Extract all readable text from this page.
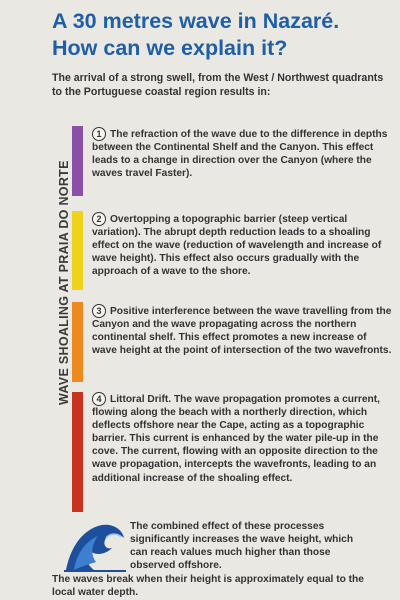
A 30 metres wave in Nazaré.
How can we explain it?
The arrival of a strong swell, from the West / Northwest quadrants to the Portuguese coastal region results in:
WAVE SHOALING AT PRAIA DO NORTE
1 The refraction of the wave due to the difference in depths between the Continental Shelf and the Canyon. This effect leads to a change in direction over the Canyon (where the waves travel Faster).
2 Overtopping a topographic barrier (steep vertical variation). The abrupt depth reduction leads to a shoaling effect on the wave (reduction of wavelength and increase of wave height). This effect also occurs gradually with the approach of a wave to the shore.
3 Positive interference between the wave travelling from the Canyon and the wave propagating across the northern continental shelf. This effect promotes a new increase of wave height at the point of intersection of the two wavefronts.
4 Littoral Drift. The wave propagation promotes a current, flowing along the beach with a northerly direction, which deflects offshore near the Cape, acting as a topographic barrier. This current is enhanced by the water pile-up in the cove. The current, flowing with an opposite direction to the wave propagation, intercepts the wavefronts, leading to an additional increase of the shoaling effect.
The combined effect of these processes significantly increases the wave height, which can reach values much higher than those observed offshore.
The waves break when their height is approximately equal to the local water depth.
